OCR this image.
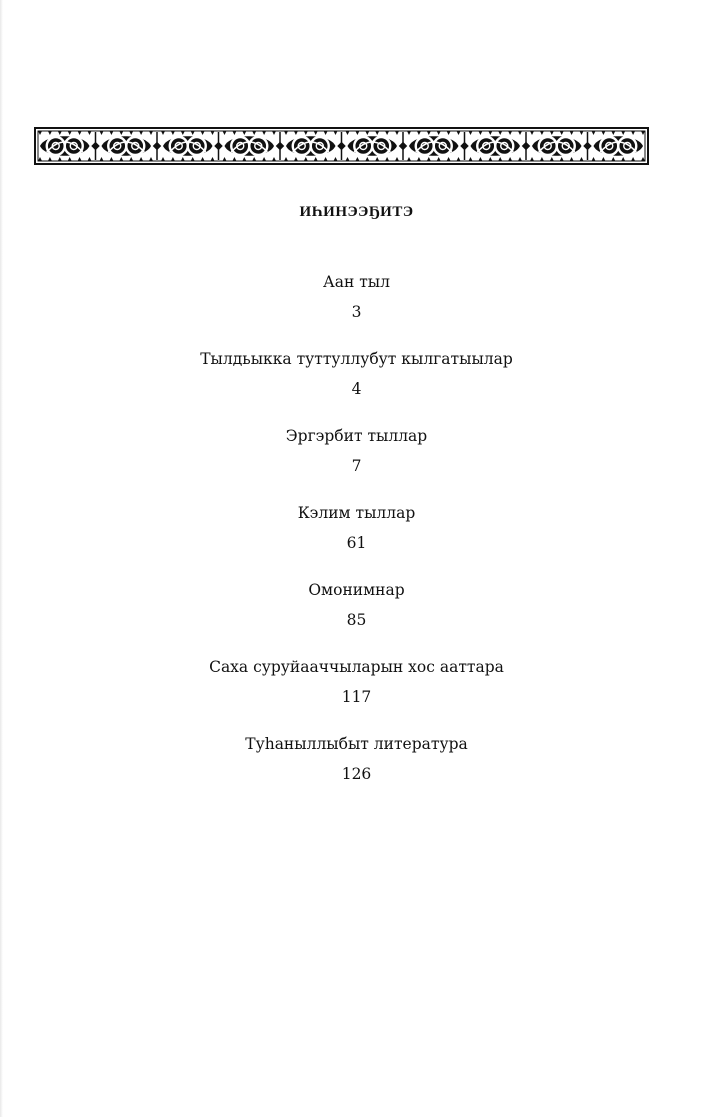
ИҺИНЭЭҔИТЭ
Аан тыл
3
Тылдьыкка туттуллубут кылгатыылар
4
Эргэрбит тыллар
7
Кэлим тыллар
61
Омонимнар
85
Саха суруйааччыларын хос ааттара
117
Туһаныллыбыт литература
126
